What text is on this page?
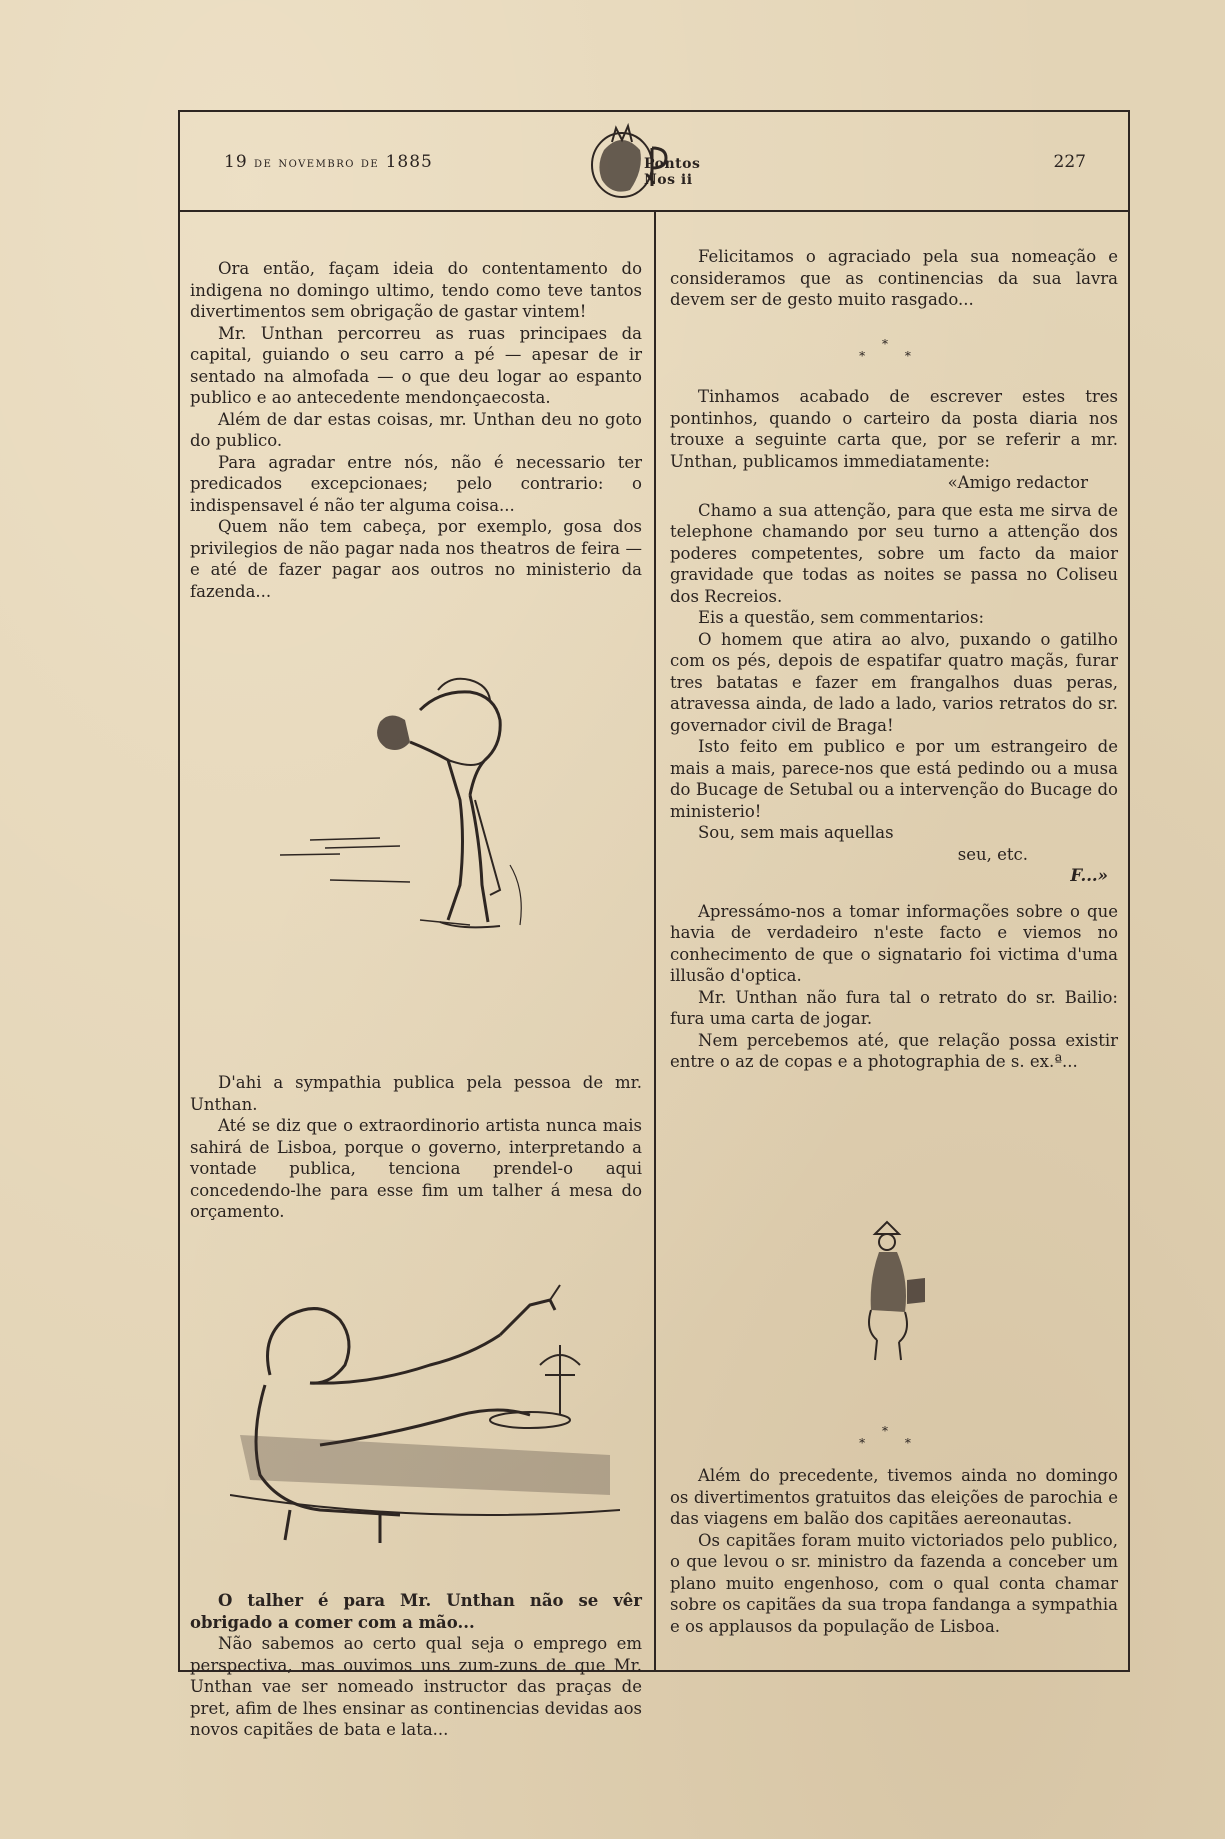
19 de novembro de 1885	Pontos Nos ii
227

Ora então, façam ideia do contentamento do indigena no domingo ultimo, tendo como teve tantos divertimentos sem obrigação de gastar vintem!

Mr. Unthan percorreu as ruas principaes da capital, guiando o seu carro a pé — apesar de ir sentado na almofada — o que deu logar ao espanto publico e ao antecedente mendonçaecosta.

Além de dar estas coisas, mr. Unthan deu no goto do publico.

Para agradar entre nós, não é necessario ter predicados excepcionaes; pelo contrario: o indispensavel é não ter alguma coisa...

Quem não tem cabeça, por exemplo, gosa dos privilegios de não pagar nada nos theatros de feira — e até de fazer pagar aos outros no ministerio da fazenda...

D'ahi a sympathia publica pela pessoa de mr. Unthan.

Até se diz que o extraordinorio artista nunca mais sahirá de Lisboa, porque o governo, interpretando a vontade publica, tenciona prendel-o aqui concedendo-lhe para esse fim um talher á mesa do orçamento.

O talher é para Mr. Unthan não se vêr obrigado a comer com a mão...

Não sabemos ao certo qual seja o emprego em perspectiva, mas ouvimos uns zum-zuns de que Mr. Unthan vae ser nomeado instructor das praças de pret, afim de lhes ensinar as continencias devidas aos novos capitães de bata e lata...

Felicitamos o agraciado pela sua nomeação e consideramos que as continencias da sua lavra devem ser de gesto muito rasgado...

*
* *

Tinhamos acabado de escrever estes tres pontinhos, quando o carteiro da posta diaria nos trouxe a seguinte carta que, por se referir a mr. Unthan, publicamos immediatamente:

«Amigo redactor

Chamo a sua attenção, para que esta me sirva de telephone chamando por seu turno a attenção dos poderes competentes, sobre um facto da maior gravidade que todas as noites se passa no Coliseu dos Recreios.

Eis a questão, sem commentarios:

O homem que atira ao alvo, puxando o gatilho com os pés, depois de espatifar quatro maçãs, furar tres batatas e fazer em frangalhos duas peras, atravessa ainda, de lado a lado, varios retratos do sr. governador civil de Braga!

Isto feito em publico e por um estrangeiro de mais a mais, parece-nos que está pedindo ou a musa do Bucage de Setubal ou a intervenção do Bucage do ministerio!

Sou, sem mais aquellas

seu, etc.

F...»

Apressámo-nos a tomar informações sobre o que havia de verdadeiro n'este facto e viemos no conhecimento de que o signatario foi victima d'uma illusão d'optica.

Mr. Unthan não fura tal o retrato do sr. Bailio: fura uma carta de jogar.

Nem percebemos até, que relação possa existir entre o az de copas e a photographia de s. ex.ª...

*
* *

Além do precedente, tivemos ainda no domingo os divertimentos gratuitos das eleições de parochia e das viagens em balão dos capitães aereonautas.

Os capitães foram muito victoriados pelo publico, o que levou o sr. ministro da fazenda a conceber um plano muito engenhoso, com o qual conta chamar sobre os capitães da sua tropa fandanga a sympathia e os applausos da população de Lisboa.
